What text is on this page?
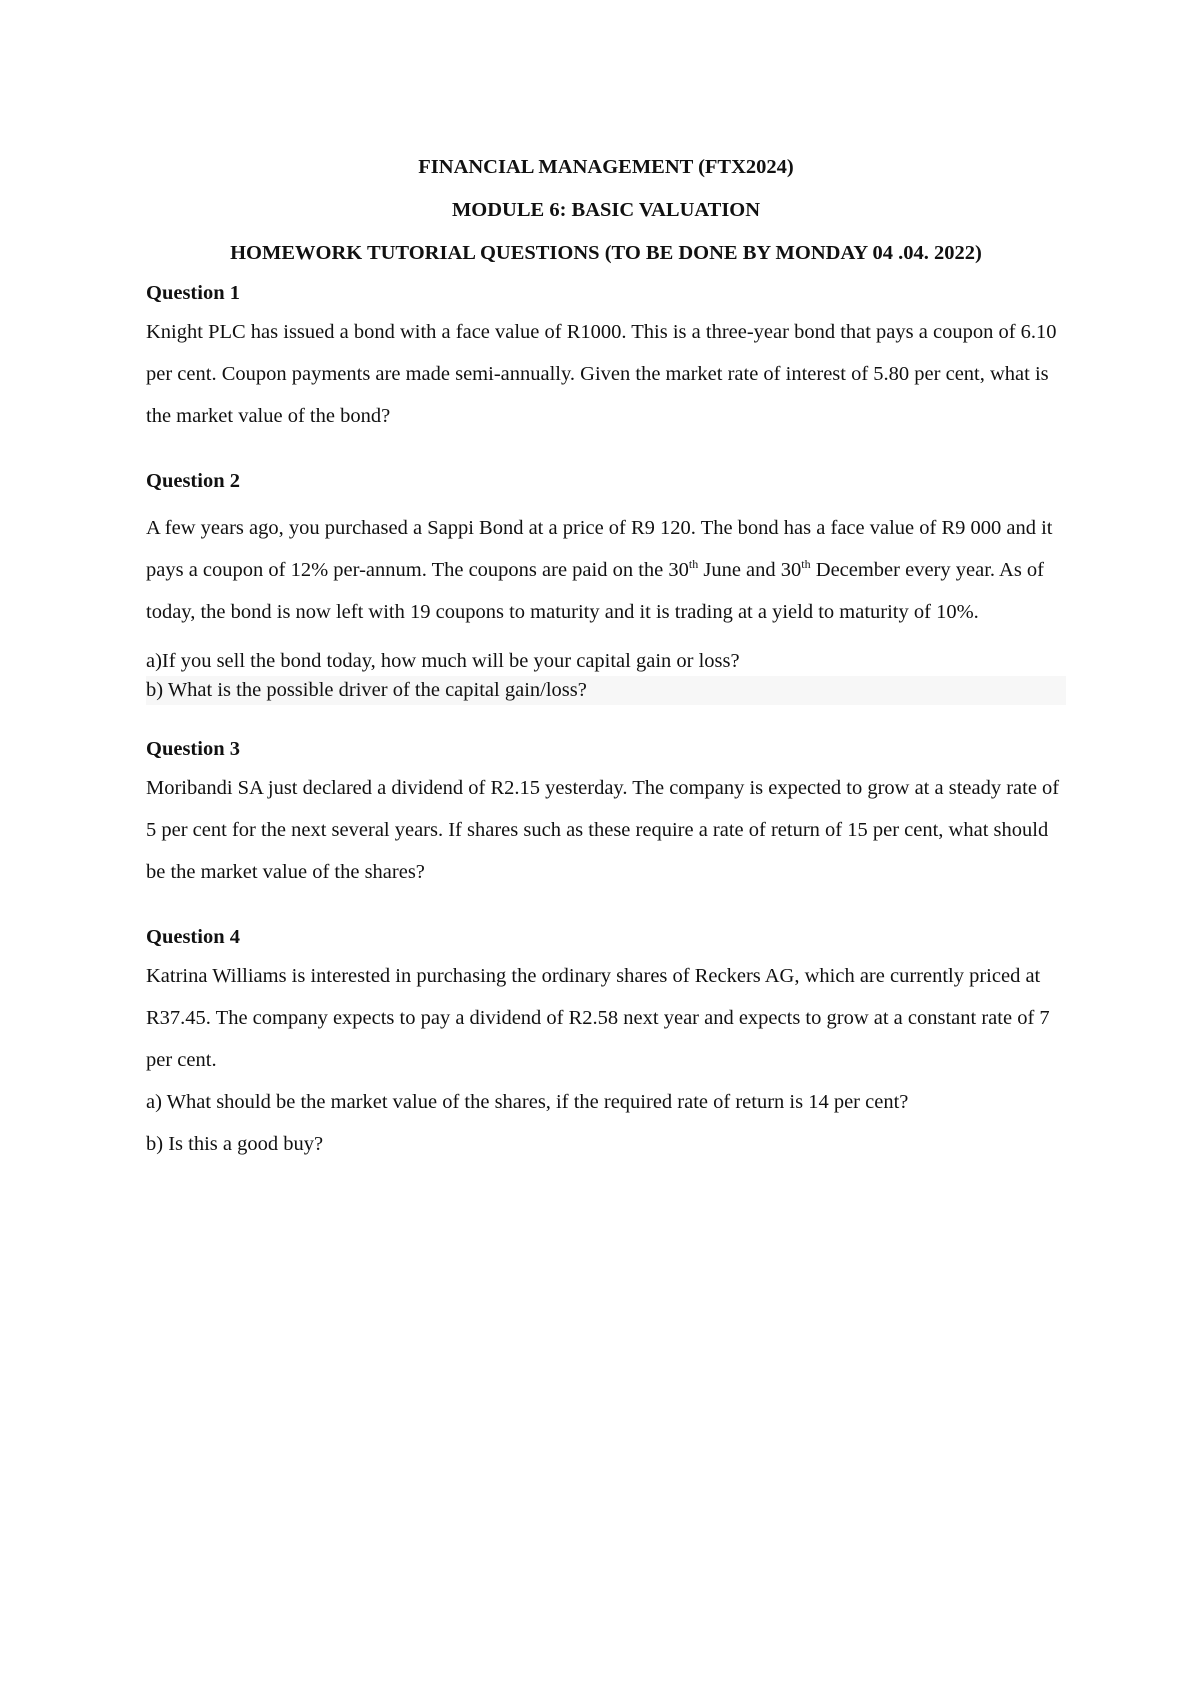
FINANCIAL MANAGEMENT (FTX2024)
MODULE 6: BASIC VALUATION
HOMEWORK TUTORIAL QUESTIONS (TO BE DONE BY MONDAY 04 .04. 2022)
Question 1
Knight PLC has issued a bond with a face value of R1000. This is a three-year bond that pays a coupon of 6.10 per cent. Coupon payments are made semi-annually. Given the market rate of interest of 5.80 per cent, what is the market value of the bond?
Question 2
A few years ago, you purchased a Sappi Bond at a price of R9 120. The bond has a face value of R9 000 and it pays a coupon of 12% per-annum. The coupons are paid on the 30th June and 30th December every year. As of today, the bond is now left with 19 coupons to maturity and it is trading at a yield to maturity of 10%.
a)If you sell the bond today, how much will be your capital gain or loss?
b) What is the possible driver of the capital gain/loss?
Question 3
Moribandi SA just declared a dividend of R2.15 yesterday. The company is expected to grow at a steady rate of 5 per cent for the next several years. If shares such as these require a rate of return of 15 per cent, what should be the market value of the shares?
Question 4
Katrina Williams is interested in purchasing the ordinary shares of Reckers AG, which are currently priced at R37.45. The company expects to pay a dividend of R2.58 next year and expects to grow at a constant rate of 7 per cent.
a) What should be the market value of the shares, if the required rate of return is 14 per cent?
b) Is this a good buy?
